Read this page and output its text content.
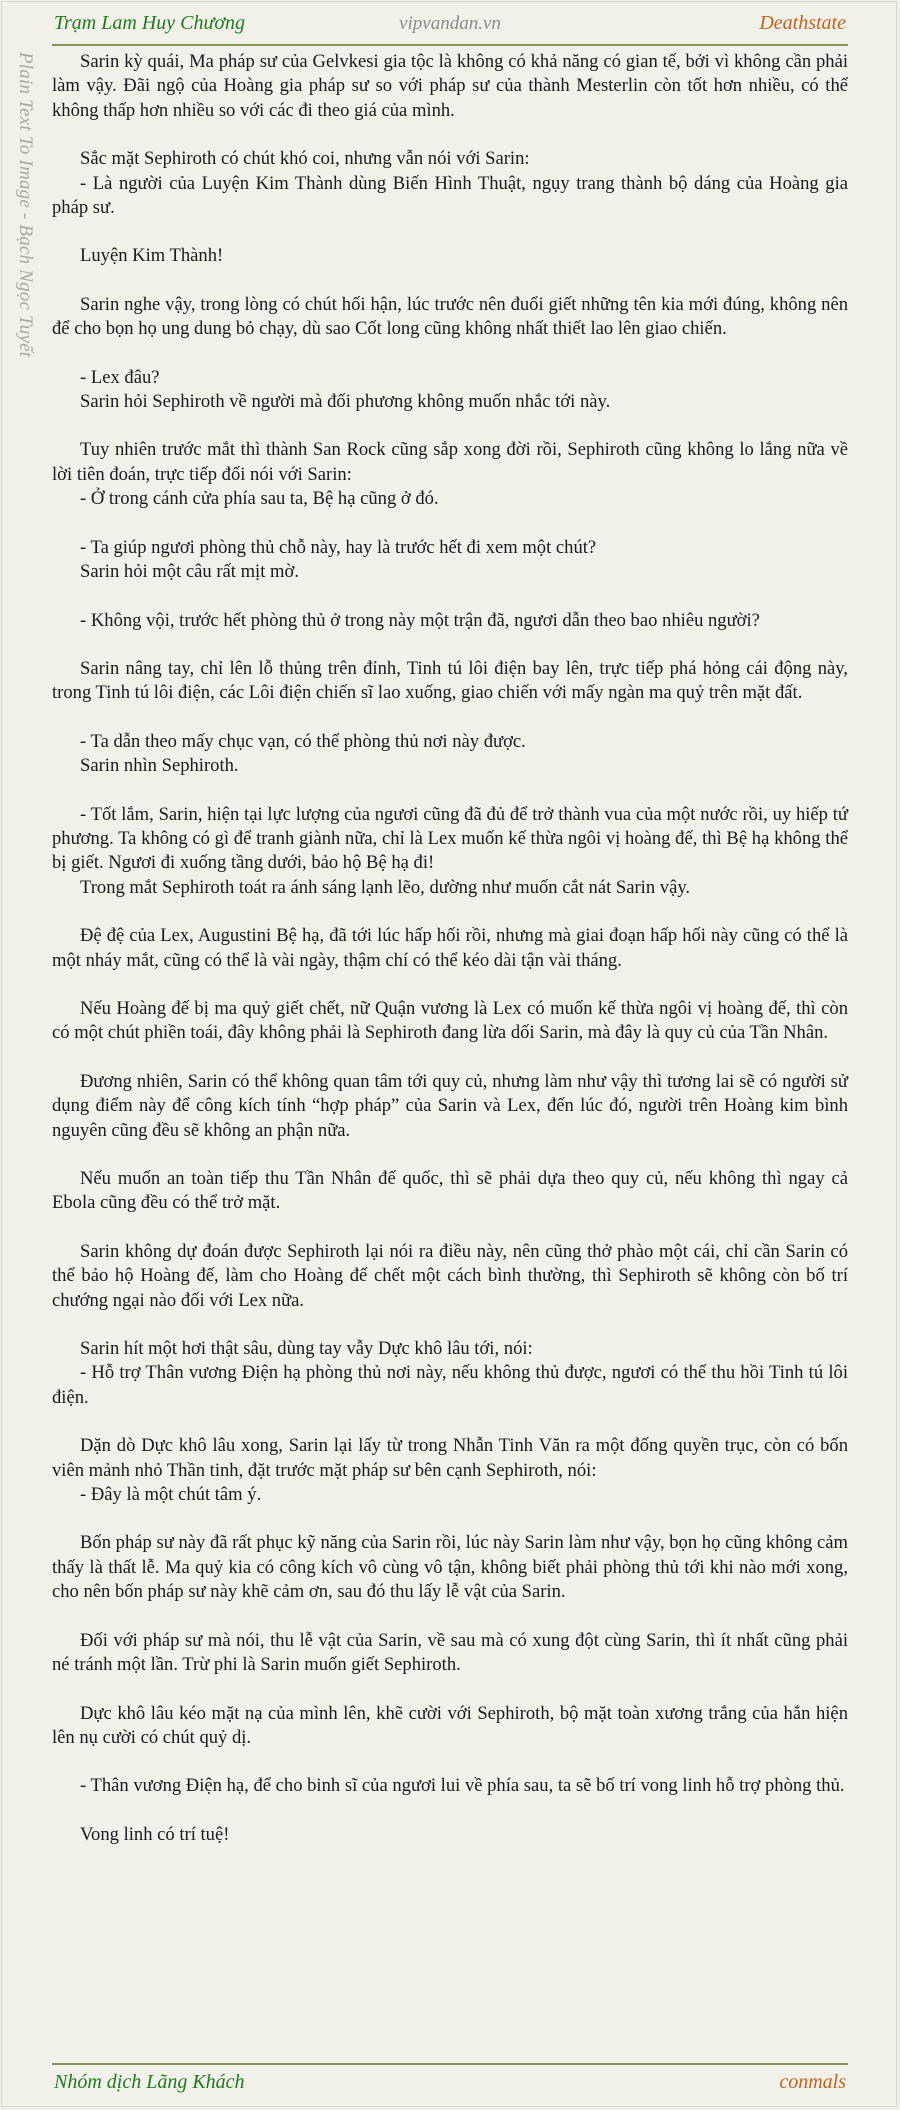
Trạm Lam Huy Chương	vipvandan.vn	Deathstate
Plain Text To Image - Bạch Ngọc Tuyết	Sarin kỳ quái, Ma pháp sư của Gelvkesi gia tộc là không có khả năng có gian tế, bởi vì không cần phải làm vậy. Đãi ngộ của Hoàng gia pháp sư so với pháp sư của thành Mesterlin còn tốt hơn nhiều, có thể không thấp hơn nhiều so với các đi theo giá của mình.

Sắc mặt Sephiroth có chút khó coi, nhưng vẫn nói với Sarin:

- Là người của Luyện Kim Thành dùng Biến Hình Thuật, ngụy trang thành bộ dáng của Hoàng gia pháp sư.

Luyện Kim Thành!

Sarin nghe vậy, trong lòng có chút hối hận, lúc trước nên đuổi giết những tên kia mới đúng, không nên để cho bọn họ ung dung bỏ chạy, dù sao Cốt long cũng không nhất thiết lao lên giao chiến.

- Lex đâu?

Sarin hỏi Sephiroth về người mà đối phương không muốn nhắc tới này.

Tuy nhiên trước mắt thì thành San Rock cũng sắp xong đời rồi, Sephiroth cũng không lo lắng nữa về lời tiên đoán, trực tiếp đối nói với Sarin:

- Ở trong cánh cửa phía sau ta, Bệ hạ cũng ở đó.

- Ta giúp ngươi phòng thủ chỗ này, hay là trước hết đi xem một chút?

Sarin hỏi một câu rất mịt mờ.

- Không vội, trước hết phòng thủ ở trong này một trận đã, ngươi dẫn theo bao nhiêu người?

Sarin nâng tay, chỉ lên lỗ thủng trên đỉnh, Tinh tú lôi điện bay lên, trực tiếp phá hỏng cái động này, trong Tinh tú lôi điện, các Lôi điện chiến sĩ lao xuống, giao chiến với mấy ngàn ma quỷ trên mặt đất.

- Ta dẫn theo mấy chục vạn, có thể phòng thủ nơi này được.

Sarin nhìn Sephiroth.

- Tốt lắm, Sarin, hiện tại lực lượng của ngươi cũng đã đủ để trở thành vua của một nước rồi, uy hiếp tứ phương. Ta không có gì để tranh giành nữa, chỉ là Lex muốn kế thừa ngôi vị hoàng đế, thì Bệ hạ không thể bị giết. Ngươi đi xuống tầng dưới, bảo hộ Bệ hạ đi!

Trong mắt Sephiroth toát ra ánh sáng lạnh lẽo, dường như muốn cắt nát Sarin vậy.

Đệ đệ của Lex, Augustini Bệ hạ, đã tới lúc hấp hối rồi, nhưng mà giai đoạn hấp hối này cũng có thể là một nháy mắt, cũng có thể là vài ngày, thậm chí có thể kéo dài tận vài tháng.

Nếu Hoàng đế bị ma quỷ giết chết, nữ Quận vương là Lex có muốn kế thừa ngôi vị hoàng đế, thì còn có một chút phiền toái, đây không phải là Sephiroth đang lừa dối Sarin, mà đây là quy củ của Tần Nhân.

Đương nhiên, Sarin có thể không quan tâm tới quy củ, nhưng làm như vậy thì tương lai sẽ có người sử dụng điểm này để công kích tính “hợp pháp” của Sarin và Lex, đến lúc đó, người trên Hoàng kim bình nguyên cũng đều sẽ không an phận nữa.

Nếu muốn an toàn tiếp thu Tần Nhân đế quốc, thì sẽ phải dựa theo quy củ, nếu không thì ngay cả Ebola cũng đều có thể trở mặt.

Sarin không dự đoán được Sephiroth lại nói ra điều này, nên cũng thở phào một cái, chỉ cần Sarin có thể bảo hộ Hoàng đế, làm cho Hoàng đế chết một cách bình thường, thì Sephiroth sẽ không còn bố trí chướng ngại nào đối với Lex nữa.

Sarin hít một hơi thật sâu, dùng tay vẫy Dực khô lâu tới, nói:

- Hỗ trợ Thân vương Điện hạ phòng thủ nơi này, nếu không thủ được, ngươi có thể thu hồi Tinh tú lôi điện.

Dặn dò Dực khô lâu xong, Sarin lại lấy từ trong Nhẫn Tinh Văn ra một đống quyền trục, còn có bốn viên mảnh nhỏ Thần tinh, đặt trước mặt pháp sư bên cạnh Sephiroth, nói:

- Đây là một chút tâm ý.

Bốn pháp sư này đã rất phục kỹ năng của Sarin rồi, lúc này Sarin làm như vậy, bọn họ cũng không cảm thấy là thất lễ. Ma quỷ kia có công kích vô cùng vô tận, không biết phải phòng thủ tới khi nào mới xong, cho nên bốn pháp sư này khẽ cảm ơn, sau đó thu lấy lễ vật của Sarin.

Đối với pháp sư mà nói, thu lễ vật của Sarin, về sau mà có xung đột cùng Sarin, thì ít nhất cũng phải né tránh một lần. Trừ phi là Sarin muốn giết Sephiroth.

Dực khô lâu kéo mặt nạ của mình lên, khẽ cười với Sephiroth, bộ mặt toàn xương trắng của hắn hiện lên nụ cười có chút quỷ dị.

- Thân vương Điện hạ, để cho binh sĩ của ngươi lui về phía sau, ta sẽ bố trí vong linh hỗ trợ phòng thủ.

Vong linh có trí tuệ!

Nhóm dịch Lãng Khách	conmals
